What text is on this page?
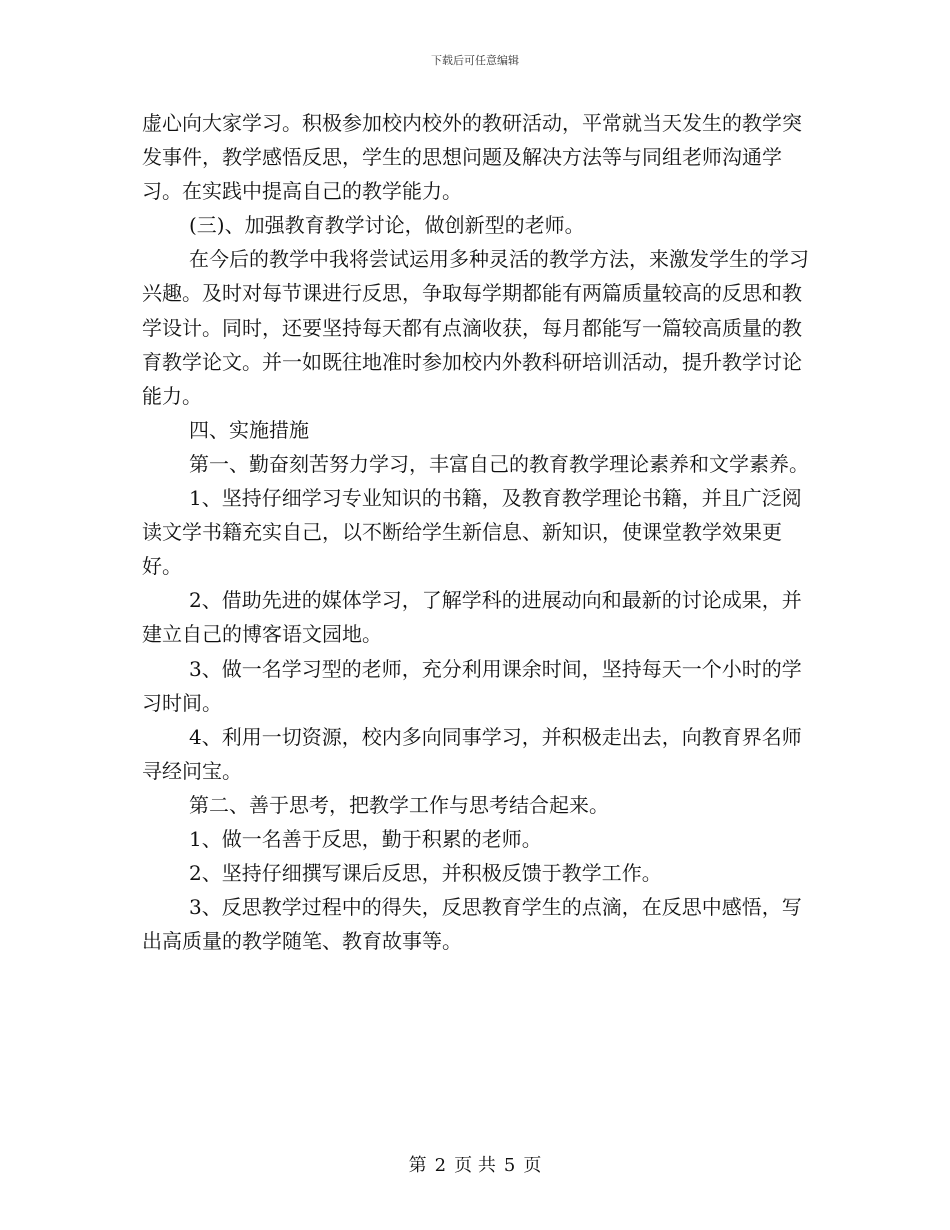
下载后可任意编辑

虚心向大家学习。积极参加校内校外的教研活动，平常就当天发生的教学突发事件，教学感悟反思，学生的思想问题及解决方法等与同组老师沟通学习。在实践中提高自己的教学能力。

(三)、加强教育教学讨论，做创新型的老师。

在今后的教学中我将尝试运用多种灵活的教学方法，来激发学生的学习兴趣。及时对每节课进行反思，争取每学期都能有两篇质量较高的反思和教学设计。同时，还要坚持每天都有点滴收获，每月都能写一篇较高质量的教育教学论文。并一如既往地准时参加校内外教科研培训活动，提升教学讨论能力。

四、实施措施

第一、勤奋刻苦努力学习，丰富自己的教育教学理论素养和文学素养。

1、坚持仔细学习专业知识的书籍，及教育教学理论书籍，并且广泛阅读文学书籍充实自己，以不断给学生新信息、新知识，使课堂教学效果更好。

2、借助先进的媒体学习，了解学科的进展动向和最新的讨论成果，并建立自己的博客语文园地。

3、做一名学习型的老师，充分利用课余时间，坚持每天一个小时的学习时间。

4、利用一切资源，校内多向同事学习，并积极走出去，向教育界名师寻经问宝。

第二、善于思考，把教学工作与思考结合起来。

1、做一名善于反思，勤于积累的老师。

2、坚持仔细撰写课后反思，并积极反馈于教学工作。

3、反思教学过程中的得失，反思教育学生的点滴，在反思中感悟，写出高质量的教学随笔、教育故事等。

第 2 页 共 5 页
